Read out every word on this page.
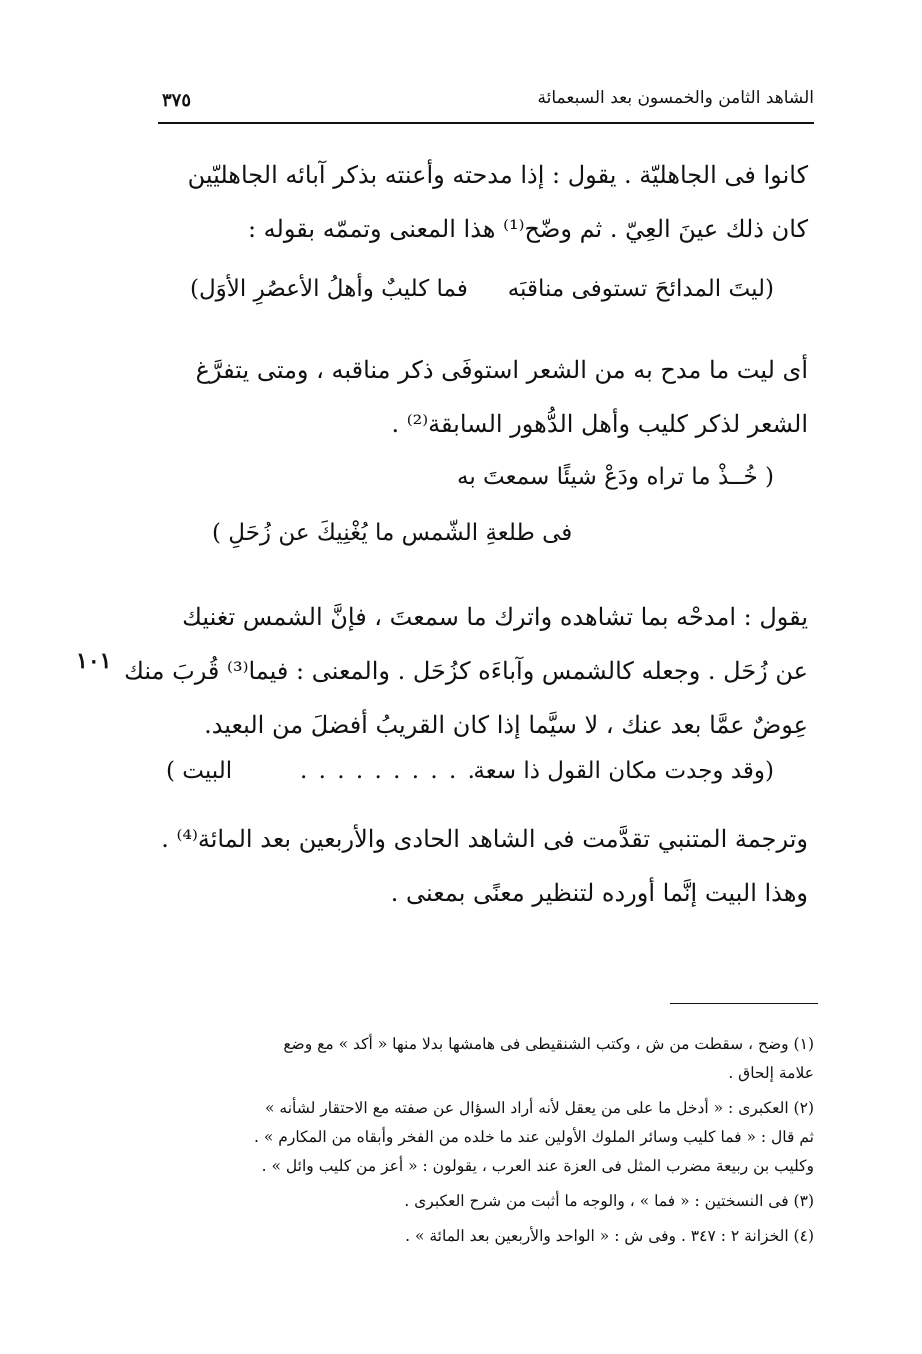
الشاهد الثامن والخمسون بعد السبعمائة
٣٧٥
١٠١
كانوا فى الجاهليّة . يقول : إذا مدحته وأعنته بذكر آبائه الجاهليّين
كان ذلك عينَ العِيّ . ثم وضّح⁽¹⁾ هذا المعنى وتممّه بقوله :
(ليتَ المدائحَ تستوفى مناقبَه
فما كليبٌ وأهلُ الأعصُرِ الأوَل)
أى ليت ما مدح به من الشعر استوفَى ذكر مناقبه ، ومتى يتفرَّغ
الشعر لذكر كليب وأهل الدُّهور السابقة⁽²⁾ .
( خُــذْ ما تراه ودَعْ شيئًا سمعتَ به
فى طلعةِ الشّمس ما يُغْنِيكَ عن زُحَلِ )
يقول : امدحْه بما تشاهده واترك ما سمعتَ ، فإنَّ الشمس تغنيك
عن زُحَل . وجعله كالشمس وآباءَه كزُحَل . والمعنى : فيما⁽³⁾ قُربَ منك
عِوضٌ عمَّا بعد عنك ، لا سيَّما إذا كان القريبُ أفضلَ من البعيد.
(وقد وجدت مكان القول ذا سعة
. . . . . . . . . . . .
البيت )
وترجمة المتنبي تقدَّمت فى الشاهد الحادى والأربعين بعد المائة⁽⁴⁾ .
وهذا البيت إنَّما أورده لتنظير معنًى بمعنى .
(١) وضح ، سقطت من ش ، وكتب الشنقيطى فى هامشها بدلا منها « أكد » مع وضع
علامة إلحاق .
(٢) العكبرى : « أدخل ما على من يعقل لأنه أراد السؤال عن صفته مع الاحتقار لشأنه »
ثم قال : « فما كليب وسائر الملوك الأولين عند ما خلده من الفخر وأبقاه من المكارم » .
وكليب بن ربيعة مضرب المثل فى العزة عند العرب ، يقولون : « أعز من كليب وائل » .
(٣) فى النسختين : « فما » ، والوجه ما أثبت من شرح العكبرى .
(٤) الخزانة ٢ : ٣٤٧ . وفى ش : « الواحد والأربعين بعد المائة » .
